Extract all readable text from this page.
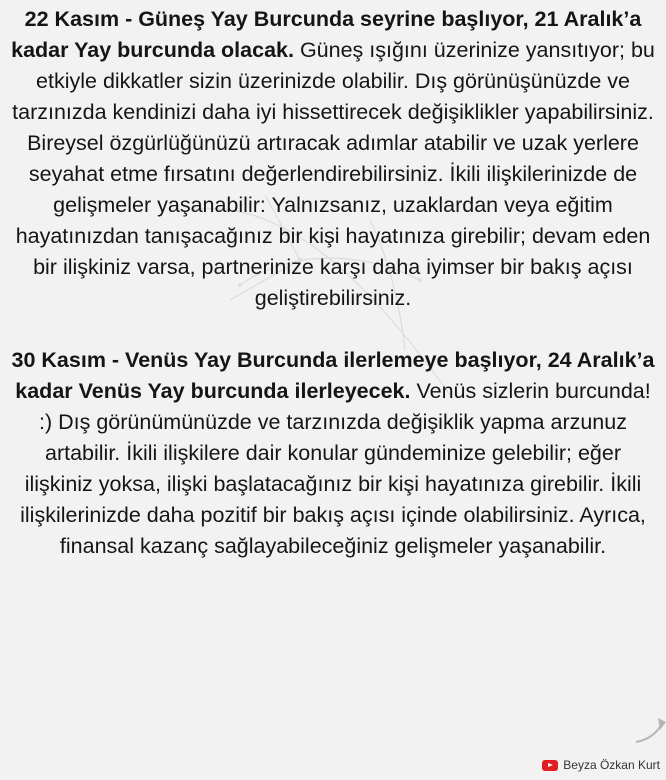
22 Kasım - Güneş Yay Burcunda seyrine başlıyor, 21 Aralık’a kadar Yay burcunda olacak. Güneş ışığını üzerinize yansıtıyor; bu etkiyle dikkatler sizin üzerinizde olabilir. Dış görünüşünüzde ve tarzınızda kendinizi daha iyi hissettirecek değişiklikler yapabilirsiniz. Bireysel özgürlüğünüzü artıracak adımlar atabilir ve uzak yerlere seyahat etme fırsatını değerlendirebilirsiniz. İkili ilişkilerinizde de gelişmeler yaşanabilir: Yalnızsanız, uzaklardan veya eğitim hayatınızdan tanışacağınız bir kişi hayatınıza girebilir; devam eden bir ilişkiniz varsa, partnerinize karşı daha iyimser bir bakış açısı geliştirebilirsiniz.

30 Kasım - Venüs Yay Burcunda ilerlemeye başlıyor, 24 Aralık’a kadar Venüs Yay burcunda ilerleyecek. Venüs sizlerin burcunda! :) Dış görünümünüzde ve tarzınızda değişiklik yapma arzunuz artabilir. İkili ilişkilere dair konular gündeminize gelebilir; eğer ilişkiniz yoksa, ilişki başlatacağınız bir kişi hayatınıza girebilir. İkili ilişkilerinizde daha pozitif bir bakış açısı içinde olabilirsiniz. Ayrıca, finansal kazanç sağlayabileceğiniz gelişmeler yaşanabilir.

Beyza Özkan Kurt
